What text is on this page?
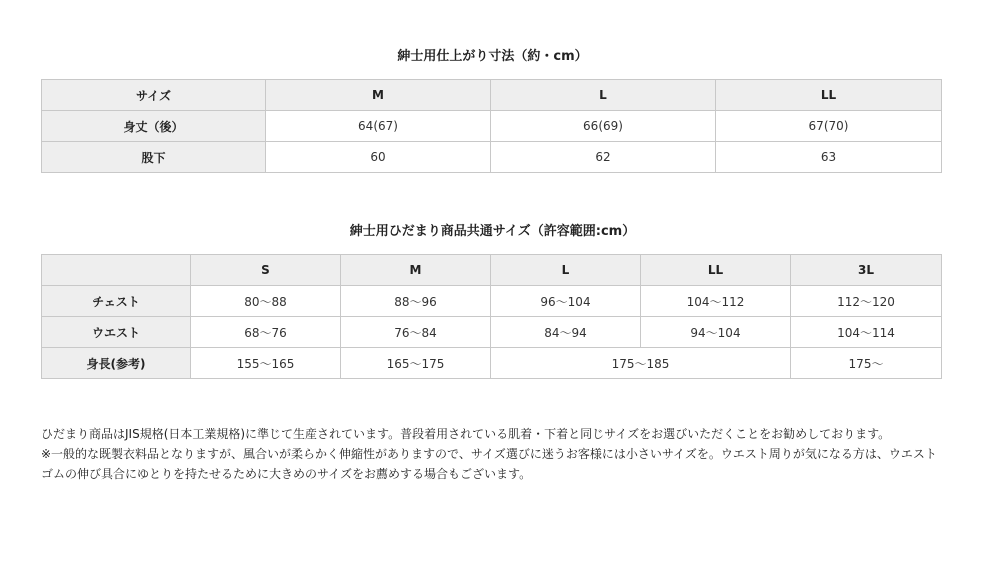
紳士用仕上がり寸法（約・cm）
サイズ	M	L	LL
身丈（後）	64(67)	66(69)	67(70)
股下	60	62	63
紳士用ひだまり商品共通サイズ（許容範囲:cm）
	S	M	L	LL	3L
チェスト	80～88	88～96	96～104	104～112	112～120
ウエスト	68～76	76～84	84～94	94～104	104～114
身長(参考)	155～165	165～175	175～185		175～

ひだまり商品はJIS規格(日本工業規格)に準じて生産されています。普段着用されている肌着・下着と同じサイズをお選びいただくことをお勧めしております。

※一般的な既製衣料品となりますが、風合いが柔らかく伸縮性がありますので、サイズ選びに迷うお客様には小さいサイズを。ウエスト周りが気になる方は、ウエストゴムの伸び具合にゆとりを持たせるために大きめのサイズをお薦めする場合もございます。
